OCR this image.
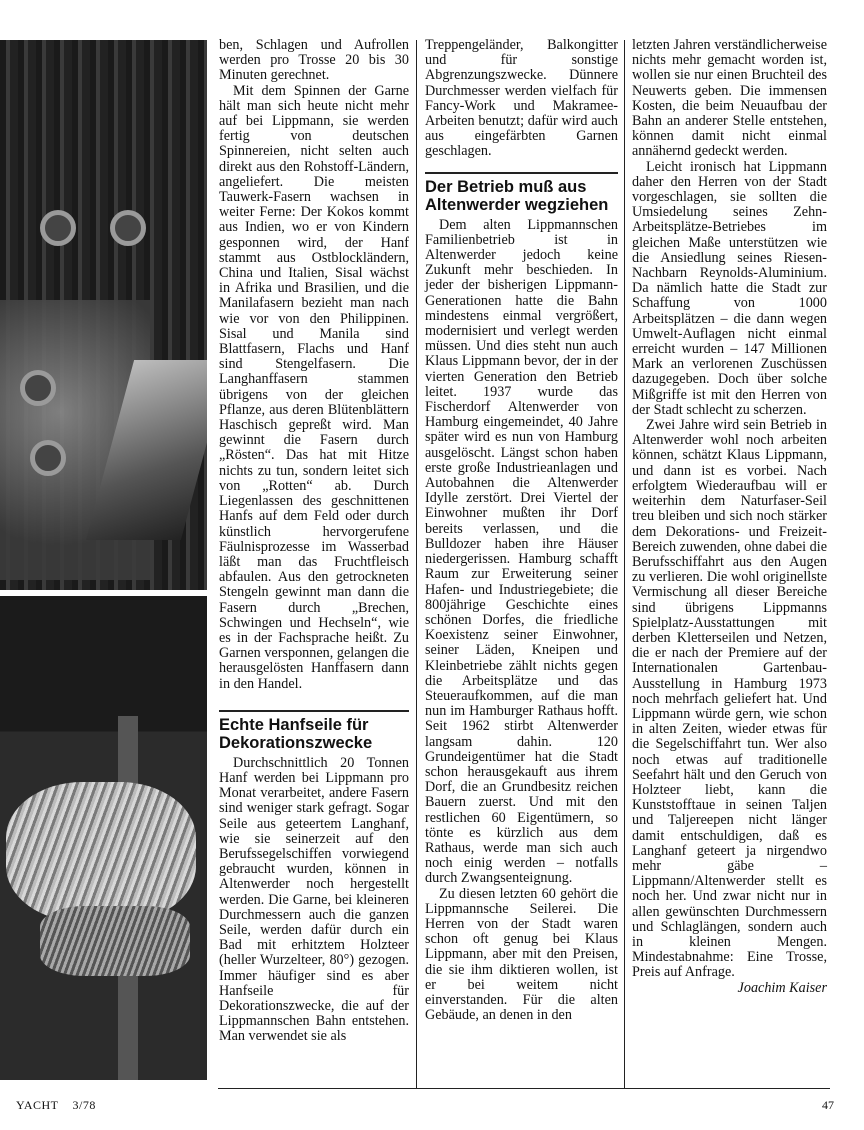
ben, Schlagen und Aufrollen werden pro Trosse 20 bis 30 Minuten gerechnet.

Mit dem Spinnen der Garne hält man sich heute nicht mehr auf bei Lippmann, sie werden fertig von deutschen Spinnereien, nicht selten auch direkt aus den Rohstoff-Ländern, angeliefert. Die meisten Tauwerk-Fasern wachsen in weiter Ferne: Der Kokos kommt aus Indien, wo er von Kindern gesponnen wird, der Hanf stammt aus Ostblockländern, China und Italien, Sisal wächst in Afrika und Brasilien, und die Manilafasern bezieht man nach wie vor von den Philippinen. Sisal und Manila sind Blattfasern, Flachs und Hanf sind Stengelfasern. Die Langhanffasern stammen übrigens von der gleichen Pflanze, aus deren Blütenblättern Haschisch gepreßt wird. Man gewinnt die Fasern durch „Rösten“. Das hat mit Hitze nichts zu tun, sondern leitet sich von „Rotten“ ab. Durch Liegenlassen des geschnittenen Hanfs auf dem Feld oder durch künstlich hervorgerufene Fäulnisprozesse im Wasserbad läßt man das Fruchtfleisch abfaulen. Aus den getrockneten Stengeln gewinnt man dann die Fasern durch „Brechen, Schwingen und Hechseln“, wie es in der Fachsprache heißt. Zu Garnen versponnen, gelangen die herausgelösten Hanffasern dann in den Handel.

Echte Hanfseile für Dekorationszwecke

Durchschnittlich 20 Tonnen Hanf werden bei Lippmann pro Monat verarbeitet, andere Fasern sind weniger stark gefragt. Sogar Seile aus geteertem Langhanf, wie sie seinerzeit auf den Berufssegelschiffen vorwiegend gebraucht wurden, können in Altenwerder noch hergestellt werden. Die Garne, bei kleineren Durchmessern auch die ganzen Seile, werden dafür durch ein Bad mit erhitztem Holzteer (heller Wurzelteer, 80°) gezogen. Immer häufiger sind es aber Hanfseile für Dekorationszwecke, die auf der Lippmannschen Bahn entstehen. Man verwendet sie als

Treppengeländer, Balkongitter und für sonstige Abgrenzungszwecke. Dünnere Durchmesser werden vielfach für Fancy-Work und Makramee-Arbeiten benutzt; dafür wird auch aus eingefärbten Garnen geschlagen.

Der Betrieb muß aus Altenwerder wegziehen

Dem alten Lippmannschen Familienbetrieb ist in Altenwerder jedoch keine Zukunft mehr beschieden. In jeder der bisherigen Lippmann-Generationen hatte die Bahn mindestens einmal vergrößert, modernisiert und verlegt werden müssen. Und dies steht nun auch Klaus Lippmann bevor, der in der vierten Generation den Betrieb leitet. 1937 wurde das Fischerdorf Altenwerder von Hamburg eingemeindet, 40 Jahre später wird es nun von Hamburg ausgelöscht. Längst schon haben erste große Industrieanlagen und Autobahnen die Altenwerder Idylle zerstört. Drei Viertel der Einwohner mußten ihr Dorf bereits verlassen, und die Bulldozer haben ihre Häuser niedergerissen. Hamburg schafft Raum zur Erweiterung seiner Hafen- und Industriegebiete; die 800jährige Geschichte eines schönen Dorfes, die friedliche Koexistenz seiner Einwohner, seiner Läden, Kneipen und Kleinbetriebe zählt nichts gegen die Arbeitsplätze und das Steueraufkommen, auf die man nun im Hamburger Rathaus hofft. Seit 1962 stirbt Altenwerder langsam dahin. 120 Grundeigentümer hat die Stadt schon herausgekauft aus ihrem Dorf, die an Grundbesitz reichen Bauern zuerst. Und mit den restlichen 60 Eigentümern, so tönte es kürzlich aus dem Rathaus, werde man sich auch noch einig werden – notfalls durch Zwangsenteignung.

Zu diesen letzten 60 gehört die Lippmannsche Seilerei. Die Herren von der Stadt waren schon oft genug bei Klaus Lippmann, aber mit den Preisen, die sie ihm diktieren wollen, ist er bei weitem nicht einverstanden. Für die alten Gebäude, an denen in den

letzten Jahren verständlicherweise nichts mehr gemacht worden ist, wollen sie nur einen Bruchteil des Neuwerts geben. Die immensen Kosten, die beim Neuaufbau der Bahn an anderer Stelle entstehen, können damit nicht einmal annähernd gedeckt werden.

Leicht ironisch hat Lippmann daher den Herren von der Stadt vorgeschlagen, sie sollten die Umsiedelung seines Zehn-Arbeitsplätze-Betriebes im gleichen Maße unterstützen wie die Ansiedlung seines Riesen-Nachbarn Reynolds-Aluminium. Da nämlich hatte die Stadt zur Schaffung von 1000 Arbeitsplätzen – die dann wegen Umwelt-Auflagen nicht einmal erreicht wurden – 147 Millionen Mark an verlorenen Zuschüssen dazugegeben. Doch über solche Mißgriffe ist mit den Herren von der Stadt schlecht zu scherzen.

Zwei Jahre wird sein Betrieb in Altenwerder wohl noch arbeiten können, schätzt Klaus Lippmann, und dann ist es vorbei. Nach erfolgtem Wiederaufbau will er weiterhin dem Naturfaser-Seil treu bleiben und sich noch stärker dem Dekorations- und Freizeit-Bereich zuwenden, ohne dabei die Berufsschiffahrt aus den Augen zu verlieren. Die wohl originellste Vermischung all dieser Bereiche sind übrigens Lippmanns Spielplatz-Ausstattungen mit derben Kletterseilen und Netzen, die er nach der Premiere auf der Internationalen Gartenbau-Ausstellung in Hamburg 1973 noch mehrfach geliefert hat. Und Lippmann würde gern, wie schon in alten Zeiten, wieder etwas für die Segelschiffahrt tun. Wer also noch etwas auf traditionelle Seefahrt hält und den Geruch von Holzteer liebt, kann die Kunststofftaue in seinen Taljen und Taljereepen nicht länger damit entschuldigen, daß es Langhanf geteert ja nirgendwo mehr gäbe – Lippmann/Altenwerder stellt es noch her. Und zwar nicht nur in allen gewünschten Durchmessern und Schlaglängen, sondern auch in kleinen Mengen. Mindestabnahme: Eine Trosse, Preis auf Anfrage.
Joachim Kaiser

YACHT 3/78	47
